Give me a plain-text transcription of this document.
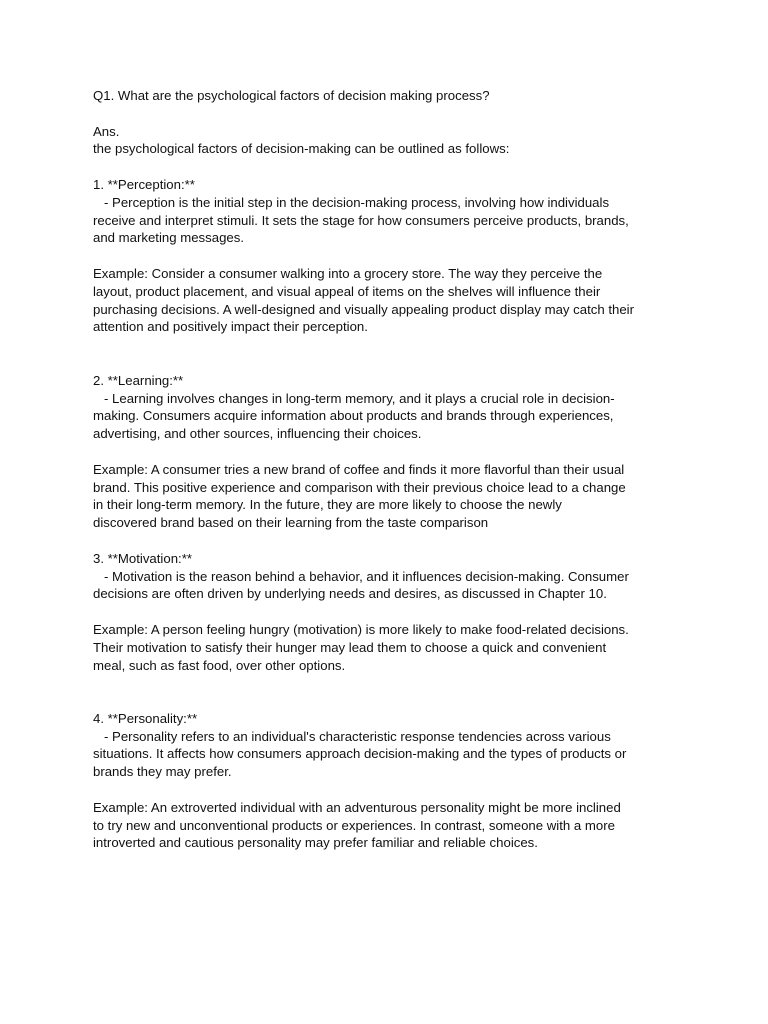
Q1. What are the psychological factors of decision making process?

Ans.

the psychological factors of decision-making can be outlined as follows:

1. **Perception:**

- Perception is the initial step in the decision-making process, involving how individuals

receive and interpret stimuli. It sets the stage for how consumers perceive products, brands,

and marketing messages.

Example: Consider a consumer walking into a grocery store. The way they perceive the

layout, product placement, and visual appeal of items on the shelves will influence their

purchasing decisions. A well-designed and visually appealing product display may catch their

attention and positively impact their perception.

2. **Learning:**

- Learning involves changes in long-term memory, and it plays a crucial role in decision-

making. Consumers acquire information about products and brands through experiences,

advertising, and other sources, influencing their choices.

Example: A consumer tries a new brand of coffee and finds it more flavorful than their usual

brand. This positive experience and comparison with their previous choice lead to a change

in their long-term memory. In the future, they are more likely to choose the newly

discovered brand based on their learning from the taste comparison

3. **Motivation:**

- Motivation is the reason behind a behavior, and it influences decision-making. Consumer

decisions are often driven by underlying needs and desires, as discussed in Chapter 10.

Example: A person feeling hungry (motivation) is more likely to make food-related decisions.

Their motivation to satisfy their hunger may lead them to choose a quick and convenient

meal, such as fast food, over other options.

4. **Personality:**

- Personality refers to an individual's characteristic response tendencies across various

situations. It affects how consumers approach decision-making and the types of products or

brands they may prefer.

Example: An extroverted individual with an adventurous personality might be more inclined

to try new and unconventional products or experiences. In contrast, someone with a more

introverted and cautious personality may prefer familiar and reliable choices.
